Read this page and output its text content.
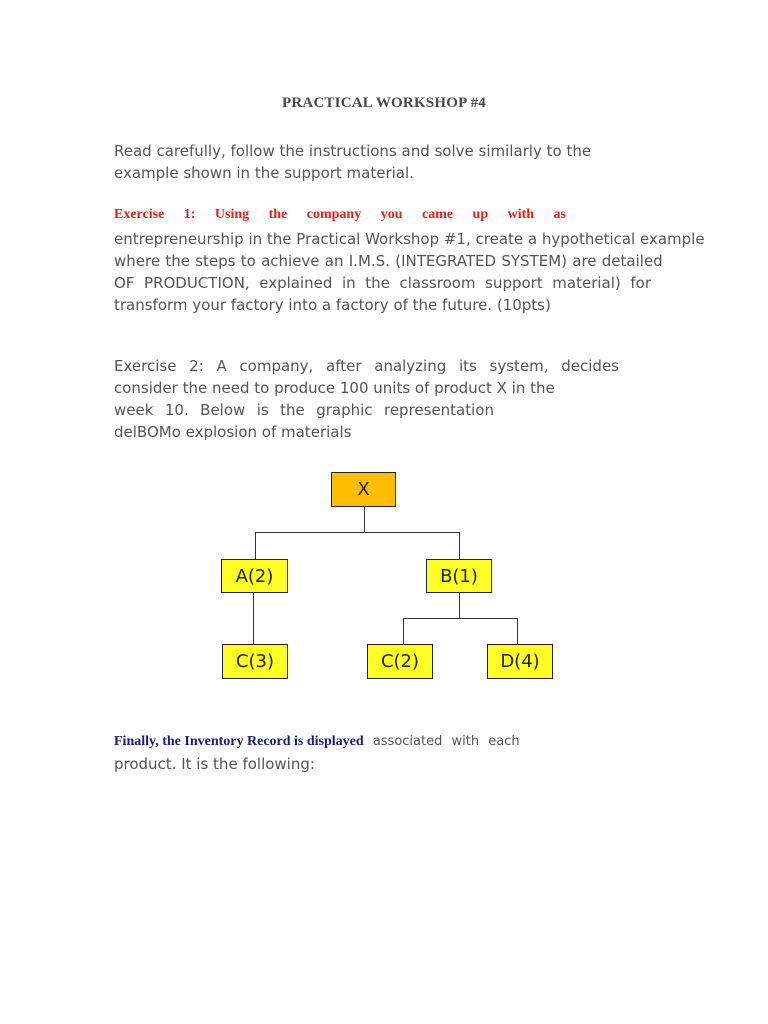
PRACTICAL WORKSHOP #4
Read carefully, follow the instructions and solve similarly to the
example shown in the support material.
Exercise 1: Using the company you came up with as
entrepreneurship in the Practical Workshop #1, create a hypothetical example
where the steps to achieve an I.M.S. (INTEGRATED SYSTEM) are detailed
OF PRODUCTION, explained in the classroom support material) for
transform your factory into a factory of the future. (10pts)
Exercise 2: A company, after analyzing its system, decides
consider the need to produce 100 units of product X in the
week 10. Below is the graphic representation
delBOMo explosion of materials
X
A(2)	B(1)
C(3)	C(2)	D(4)
Finally, the Inventory Record is displayed associated with each
product. It is the following:
